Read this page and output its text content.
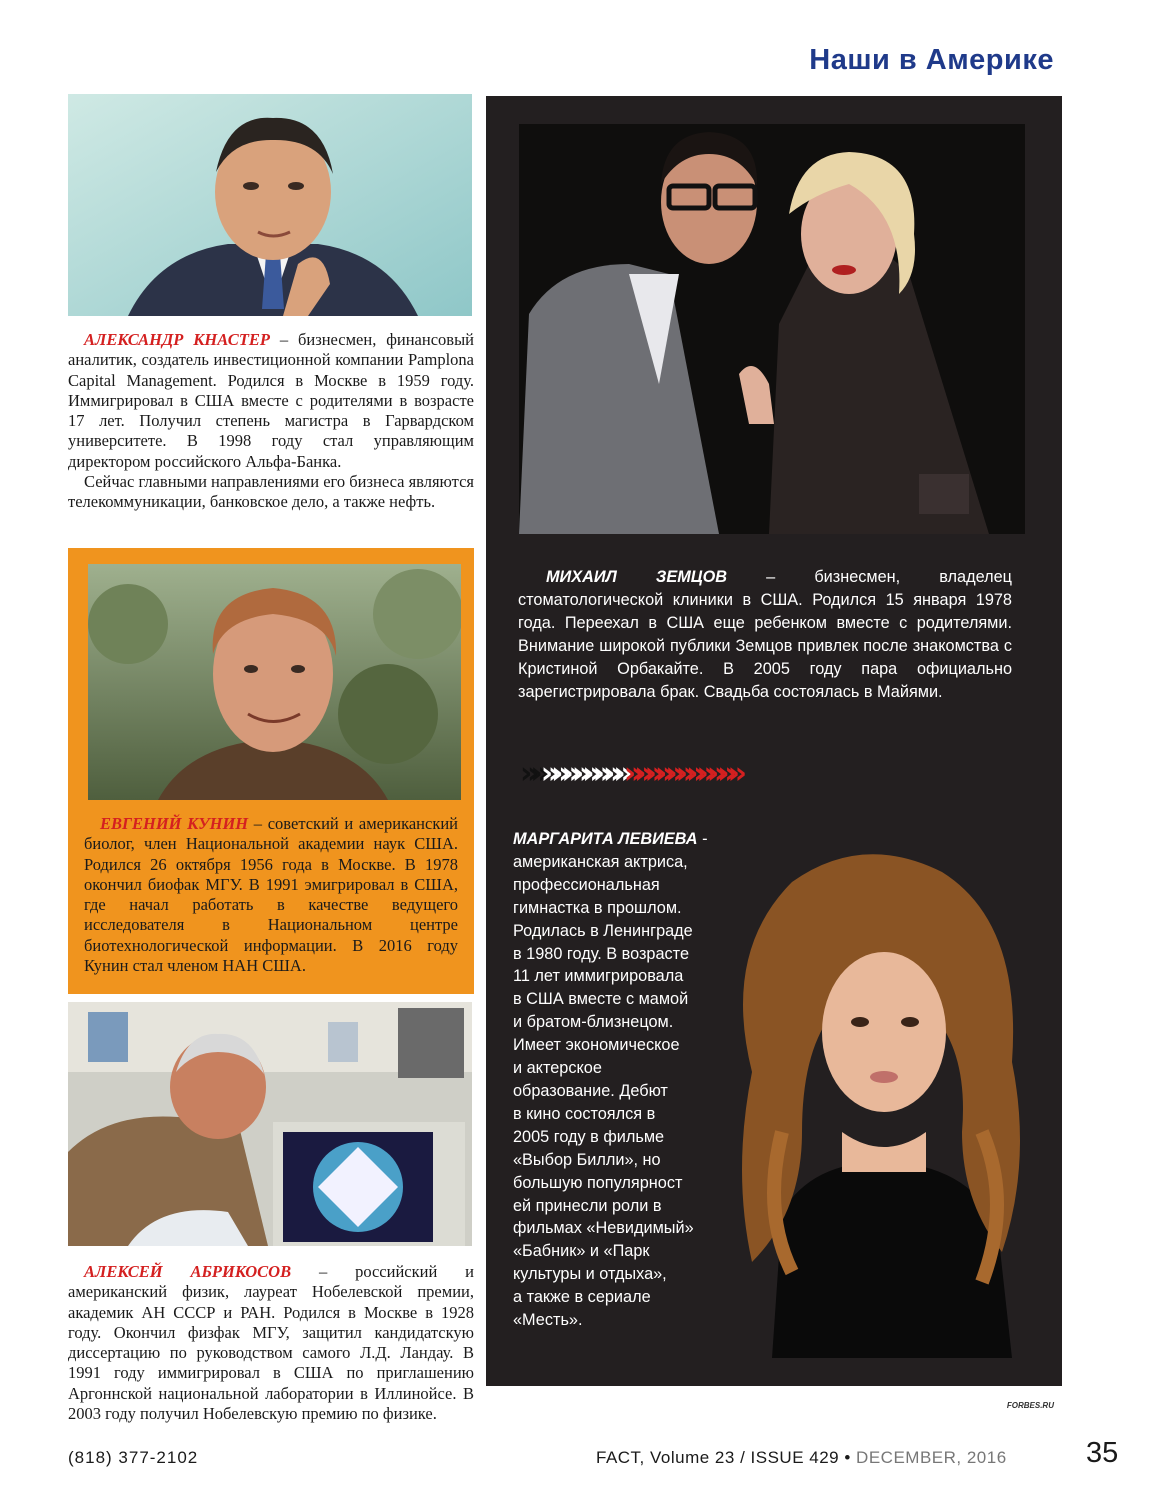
Наши в Америке

АЛЕКСАНДР КНАСТЕР – бизнесмен, финансовый аналитик, создатель инвестиционной компании Pamplona Capital Management. Родился в Москве в 1959 году. Иммигрировал в США вместе с родителями в возрасте 17 лет. Получил степень магистра в Гарвардском университете. В 1998 году стал управляющим директором российского Альфа-Банка.

Сейчас главными направлениями его бизнеса являются телекоммуникации, банковское дело, а также нефть.

ЕВГЕНИЙ КУНИН – советский и американский биолог, член Национальной академии наук США. Родился 26 октября 1956 года в Москве. В 1978 окончил биофак МГУ. В 1991 эмигрировал в США, где начал работать в качестве ведущего исследователя в Национальном центре биотехнологической информации. В 2016 году Кунин стал членом НАН США.

АЛЕКСЕЙ АБРИКОСОВ – российский и американский физик, лауреат Нобелевской премии, академик АН СССР и РАН. Родился в Москве в 1928 году. Окончил физфак МГУ, защитил кандидатскую диссертацию по руководством самого Л.Д. Ландау. В 1991 году иммигрировал в США по приглашению Аргоннской национальной лаборатории в Иллинойсе. В 2003 году получил Нобелевскую премию по физике.

МИХАИЛ ЗЕМЦОВ – бизнесмен, владелец стоматологической клиники в США. Родился 15 января 1978 года. Переехал в США еще ребенком вместе с родителями. Внимание широкой публики Земцов привлек после знакомства с Кристиной Орбакайте. В 2005 году пара официально зарегистрировала брак. Свадьба состоялась в Майями.
»»»»»»»»»»»»»»»»»»»»»
МАРГАРИТА ЛЕВИЕВА -
американская актриса,
профессиональная
гимнастка в прошлом.
Родилась в Ленинграде
в 1980 году. В возрасте
11 лет иммигрировала
в США вместе с мамой
и братом-близнецом.
Имеет экономическое
и актерское
образование. Дебют
в кино состоялся в
2005 году в фильме
«Выбор Билли», но
большую популярност
ей принесли роли в
фильмах «Невидимый»
«Бабник» и «Парк
культуры и отдыха»,
а также в сериале
«Месть».
FORBES.RU
(818) 377-2102	FACT, Volume 23 / ISSUE 429 • DECEMBER, 2016	35
